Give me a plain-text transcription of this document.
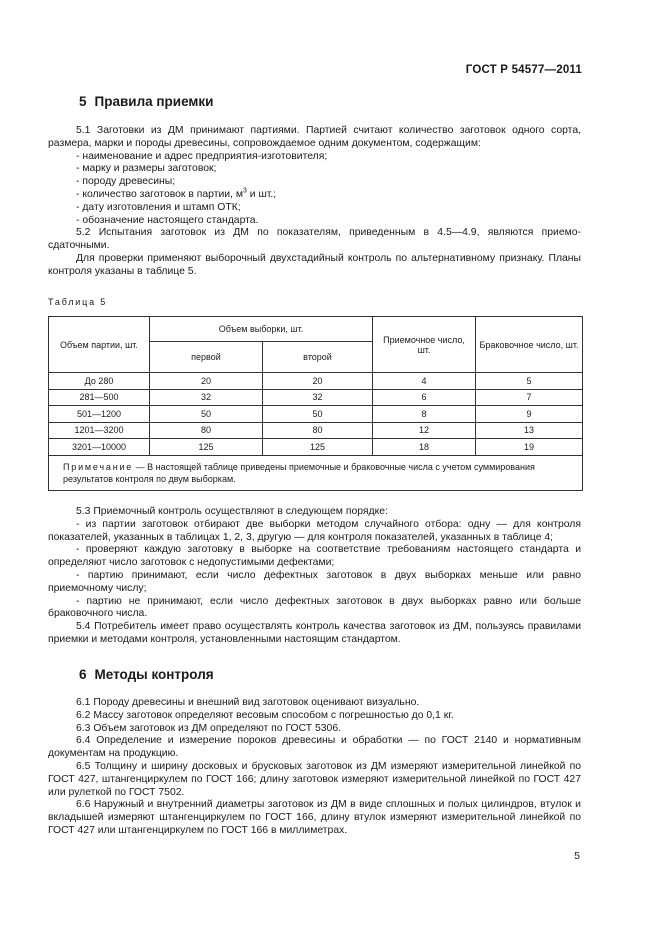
ГОСТ Р 54577—2011
5 Правила приемки

5.1 Заготовки из ДМ принимают партиями. Партией считают количество заготовок одного сорта, размера, марки и породы древесины, сопровождаемое одним документом, содержащим:

- наименование и адрес предприятия-изготовителя;

- марку и размеры заготовок;

- породу древесины;

- количество заготовок в партии, $м^3$ и шт.;

- дату изготовления и штамп ОТК;

- обозначение настоящего стандарта.

5.2 Испытания заготовок из ДМ по показателям, приведенным в 4.5—4.9, являются приемо-сдаточными.

Для проверки применяют выборочный двухстадийный контроль по альтернативному признаку. Планы контроля указаны в таблице 5.

Таблица 5
Объем партии, шт.	Объем выборки, шт.		Приемочное число, шт.	Браковочное число, шт.
	первой	второй		
До 280	20	20	4	5
281—500	32	32	6	7
501—1200	50	50	8	9
1201—3200	80	80	12	13
3201—10000	125	125	18	19
Примечание — В настоящей таблице приведены приемочные и браковочные числа с учетом суммирования результатов контроля по двум выборкам.				

5.3 Приемочный контроль осуществляют в следующем порядке:

- из партии заготовок отбирают две выборки методом случайного отбора: одну — для контроля показателей, указанных в таблицах 1, 2, 3, другую — для контроля показателей, указанных в таблице 4;

- проверяют каждую заготовку в выборке на соответствие требованиям настоящего стандарта и определяют число заготовок с недопустимыми дефектами;

- партию принимают, если число дефектных заготовок в двух выборках меньше или равно приемочному числу;

- партию не принимают, если число дефектных заготовок в двух выборках равно или больше браковочного числа.

5.4 Потребитель имеет право осуществлять контроль качества заготовок из ДМ, пользуясь правилами приемки и методами контроля, установленными настоящим стандартом.

6 Методы контроля

6.1 Породу древесины и внешний вид заготовок оценивают визуально.

6.2 Массу заготовок определяют весовым способом с погрешностью до 0,1 кг.

6.3 Объем заготовок из ДМ определяют по ГОСТ 5306.

6.4 Определение и измерение пороков древесины и обработки — по ГОСТ 2140 и нормативным документам на продукцию.

6.5 Толщину и ширину досковых и брусковых заготовок из ДМ измеряют измерительной линейкой по ГОСТ 427, штангенциркулем по ГОСТ 166; длину заготовок измеряют измерительной линейкой по ГОСТ 427 или рулеткой по ГОСТ 7502.

6.6 Наружный и внутренний диаметры заготовок из ДМ в виде сплошных и полых цилиндров, втулок и вкладышей измеряют штангенциркулем по ГОСТ 166, длину втулок измеряют измерительной линейкой по ГОСТ 427 или штангенциркулем по ГОСТ 166 в миллиметрах.

5
